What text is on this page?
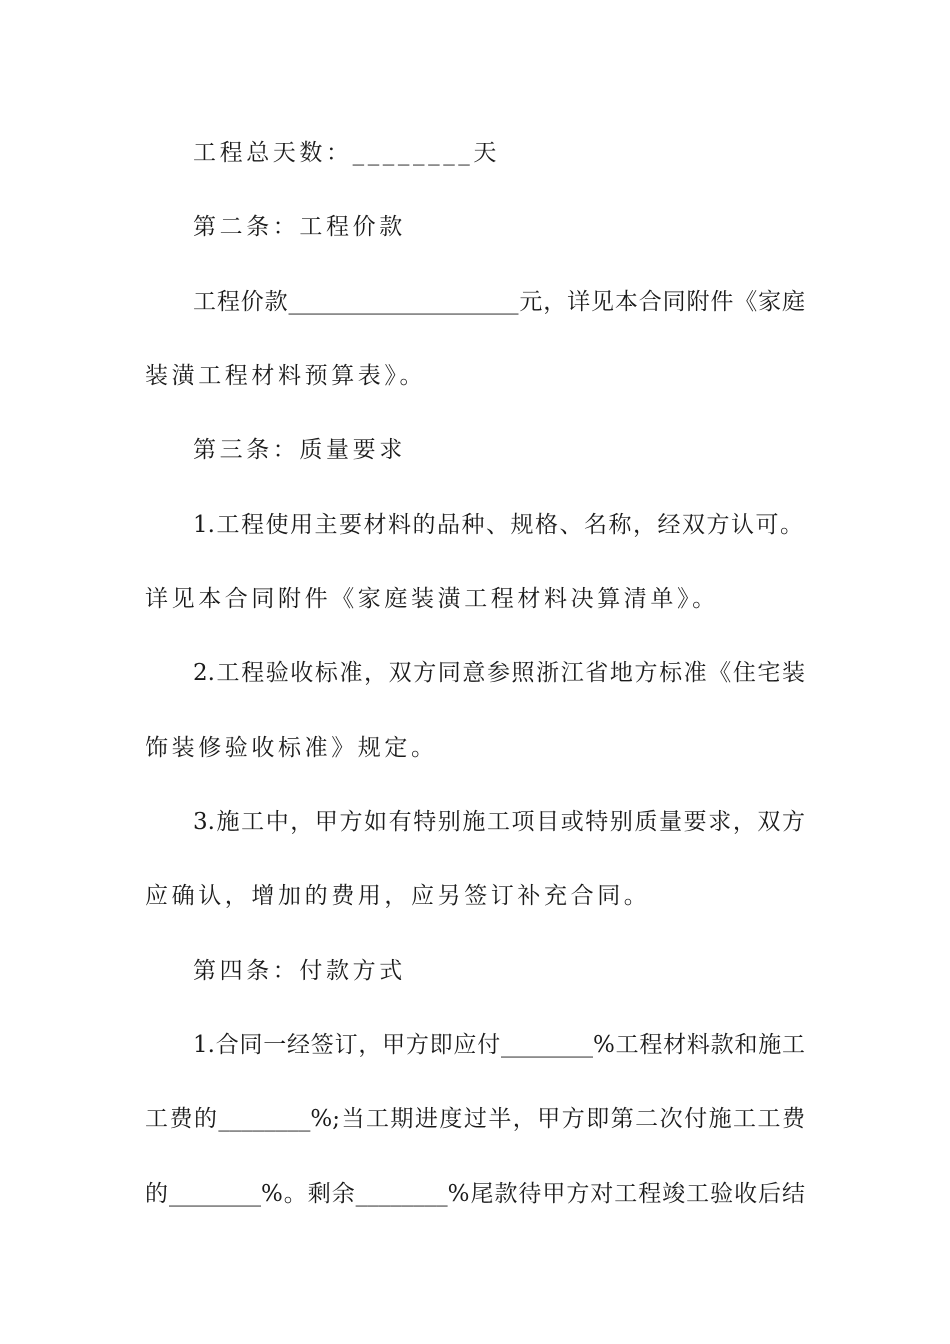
工程总天数：________天
第二条：工程价款
工程价款____________________元，详见本合同附件《家庭
装潢工程材料预算表》。
第三条：质量要求
1.工程使用主要材料的品种、规格、名称，经双方认可。
详见本合同附件《家庭装潢工程材料决算清单》。
2.工程验收标准，双方同意参照浙江省地方标准《住宅装
饰装修验收标准》规定。
3.施工中，甲方如有特别施工项目或特别质量要求，双方
应确认，增加的费用，应另签订补充合同。
第四条：付款方式
1.合同一经签订，甲方即应付________%工程材料款和施工
工费的________%;当工期进度过半，甲方即第二次付施工工费
的________%。剩余________%尾款待甲方对工程竣工验收后结
